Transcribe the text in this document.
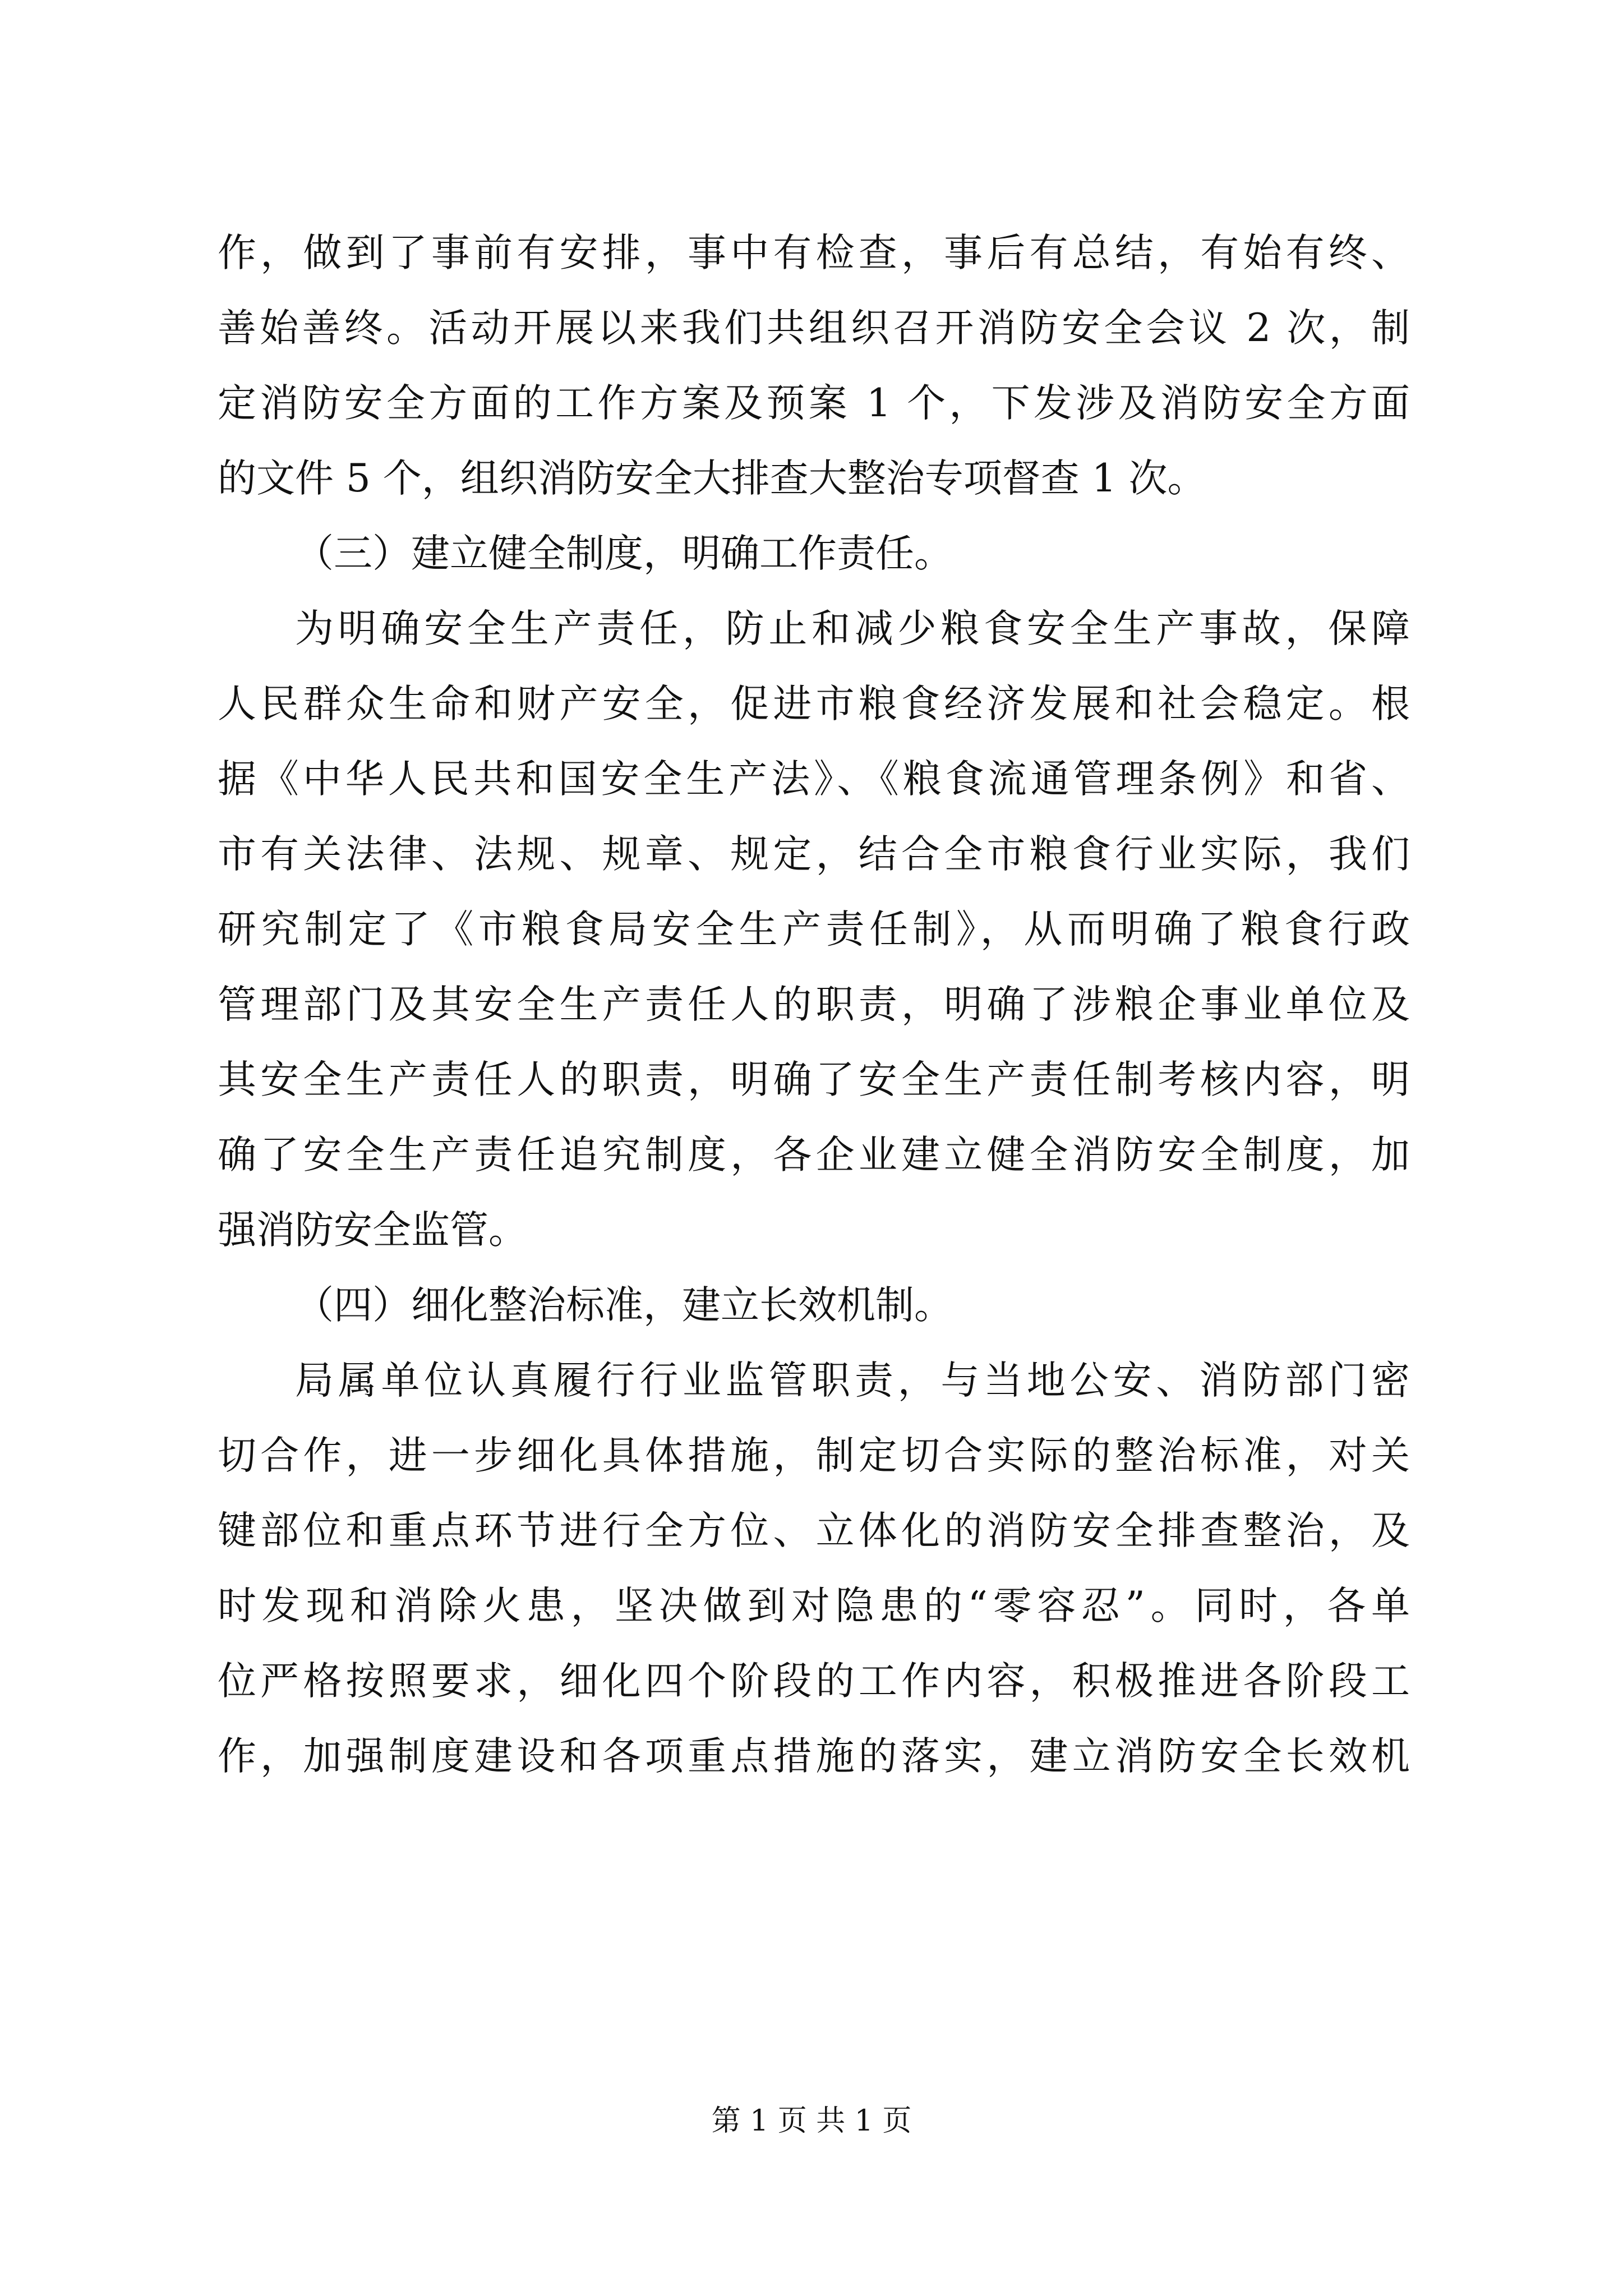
作，做到了事前有安排，事中有检查，事后有总结，有始有终、
善始善终。活动开展以来我们共组织召开消防安全会议 2 次，制
定消防安全方面的工作方案及预案 1 个，下发涉及消防安全方面
的文件 5 个，组织消防安全大排查大整治专项督查 1 次。
（三）建立健全制度，明确工作责任。
为明确安全生产责任，防止和减少粮食安全生产事故，保障
人民群众生命和财产安全，促进市粮食经济发展和社会稳定。根
据《中华人民共和国安全生产法》、《粮食流通管理条例》和省、
市有关法律、法规、规章、规定，结合全市粮食行业实际，我们
研究制定了《市粮食局安全生产责任制》，从而明确了粮食行政
管理部门及其安全生产责任人的职责，明确了涉粮企事业单位及
其安全生产责任人的职责，明确了安全生产责任制考核内容，明
确了安全生产责任追究制度，各企业建立健全消防安全制度，加
强消防安全监管。
（四）细化整治标准，建立长效机制。
局属单位认真履行行业监管职责，与当地公安、消防部门密
切合作，进一步细化具体措施，制定切合实际的整治标准，对关
键部位和重点环节进行全方位、立体化的消防安全排查整治，及
时发现和消除火患，坚决做到对隐患的“零容忍”。同时，各单
位严格按照要求，细化四个阶段的工作内容，积极推进各阶段工
作，加强制度建设和各项重点措施的落实，建立消防安全长效机
第 1 页 共 1 页
